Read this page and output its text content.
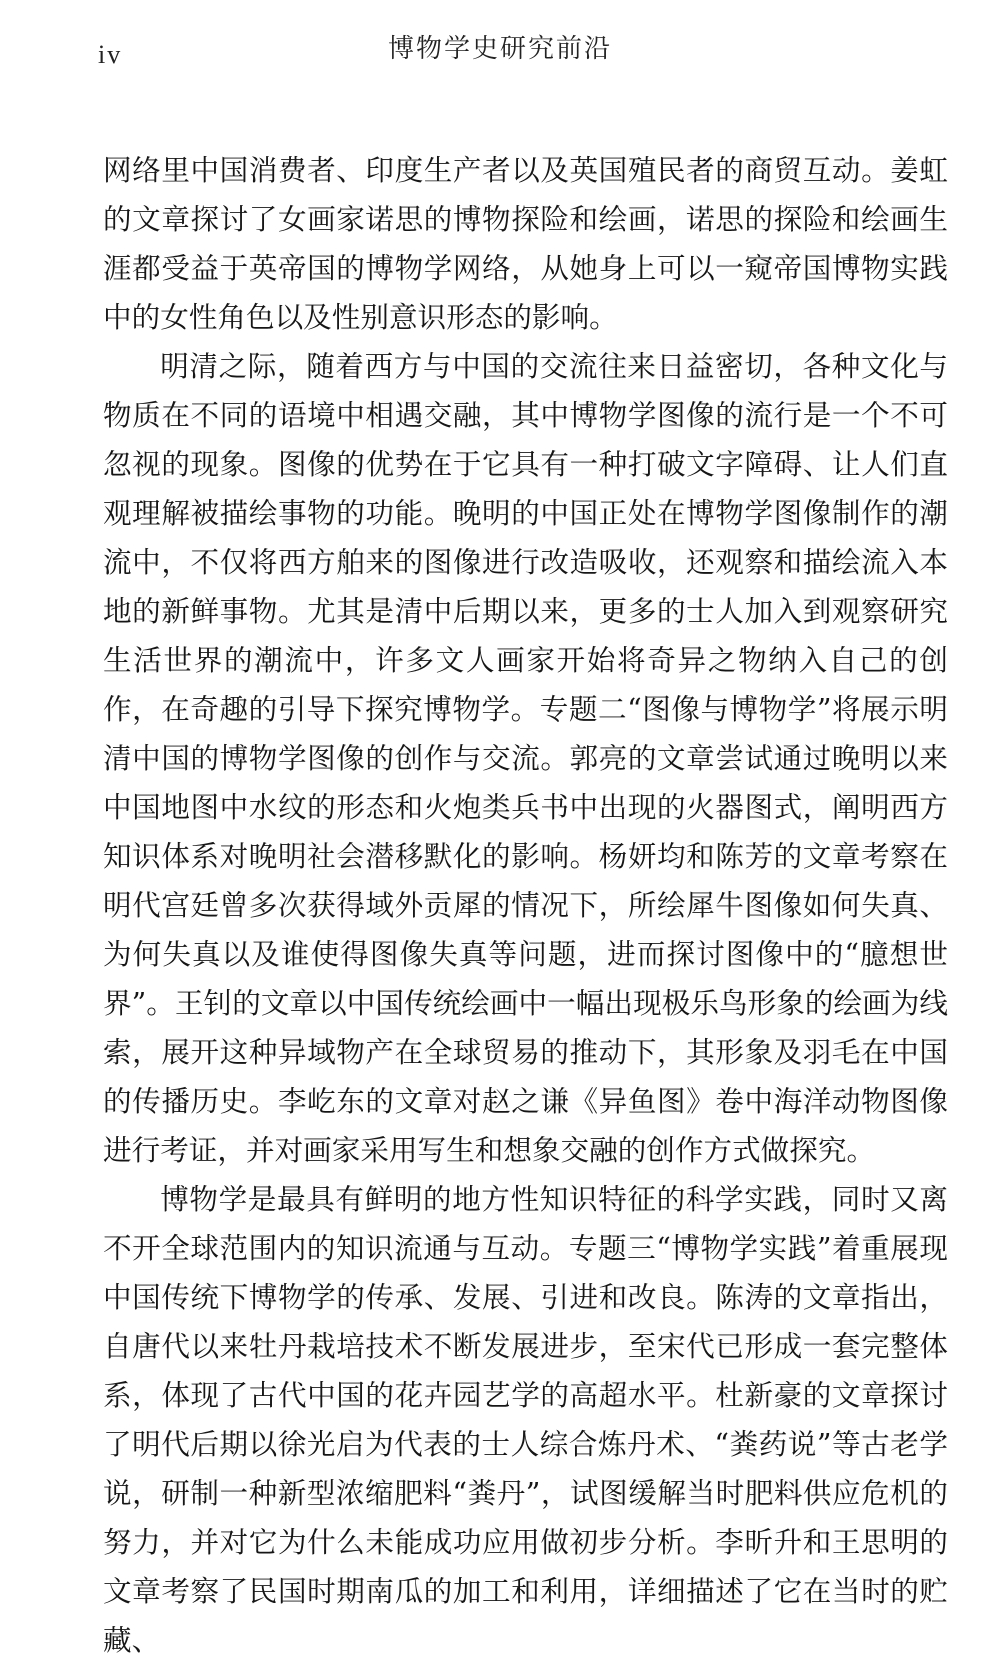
iv	博物学史研究前沿

网络里中国消费者、印度生产者以及英国殖民者的商贸互动。姜虹的文章探讨了女画家诺思的博物探险和绘画，诺思的探险和绘画生涯都受益于英帝国的博物学网络，从她身上可以一窥帝国博物实践中的女性角色以及性别意识形态的影响。

明清之际，随着西方与中国的交流往来日益密切，各种文化与物质在不同的语境中相遇交融，其中博物学图像的流行是一个不可忽视的现象。图像的优势在于它具有一种打破文字障碍、让人们直观理解被描绘事物的功能。晚明的中国正处在博物学图像制作的潮流中，不仅将西方舶来的图像进行改造吸收，还观察和描绘流入本地的新鲜事物。尤其是清中后期以来，更多的士人加入到观察研究生活世界的潮流中，许多文人画家开始将奇异之物纳入自己的创作，在奇趣的引导下探究博物学。专题二“图像与博物学”将展示明清中国的博物学图像的创作与交流。郭亮的文章尝试通过晚明以来中国地图中水纹的形态和火炮类兵书中出现的火器图式，阐明西方知识体系对晚明社会潜移默化的影响。杨妍均和陈芳的文章考察在明代宫廷曾多次获得域外贡犀的情况下，所绘犀牛图像如何失真、为何失真以及谁使得图像失真等问题，进而探讨图像中的“臆想世界”。王钊的文章以中国传统绘画中一幅出现极乐鸟形象的绘画为线索，展开这种异域物产在全球贸易的推动下，其形象及羽毛在中国的传播历史。李屹东的文章对赵之谦《异鱼图》卷中海洋动物图像进行考证，并对画家采用写生和想象交融的创作方式做探究。

博物学是最具有鲜明的地方性知识特征的科学实践，同时又离不开全球范围内的知识流通与互动。专题三“博物学实践”着重展现中国传统下博物学的传承、发展、引进和改良。陈涛的文章指出，自唐代以来牡丹栽培技术不断发展进步，至宋代已形成一套完整体系，体现了古代中国的花卉园艺学的高超水平。杜新豪的文章探讨了明代后期以徐光启为代表的士人综合炼丹术、“粪药说”等古老学说，研制一种新型浓缩肥料“粪丹”，试图缓解当时肥料供应危机的努力，并对它为什么未能成功应用做初步分析。李昕升和王思明的文章考察了民国时期南瓜的加工和利用，详细描述了它在当时的贮藏、
